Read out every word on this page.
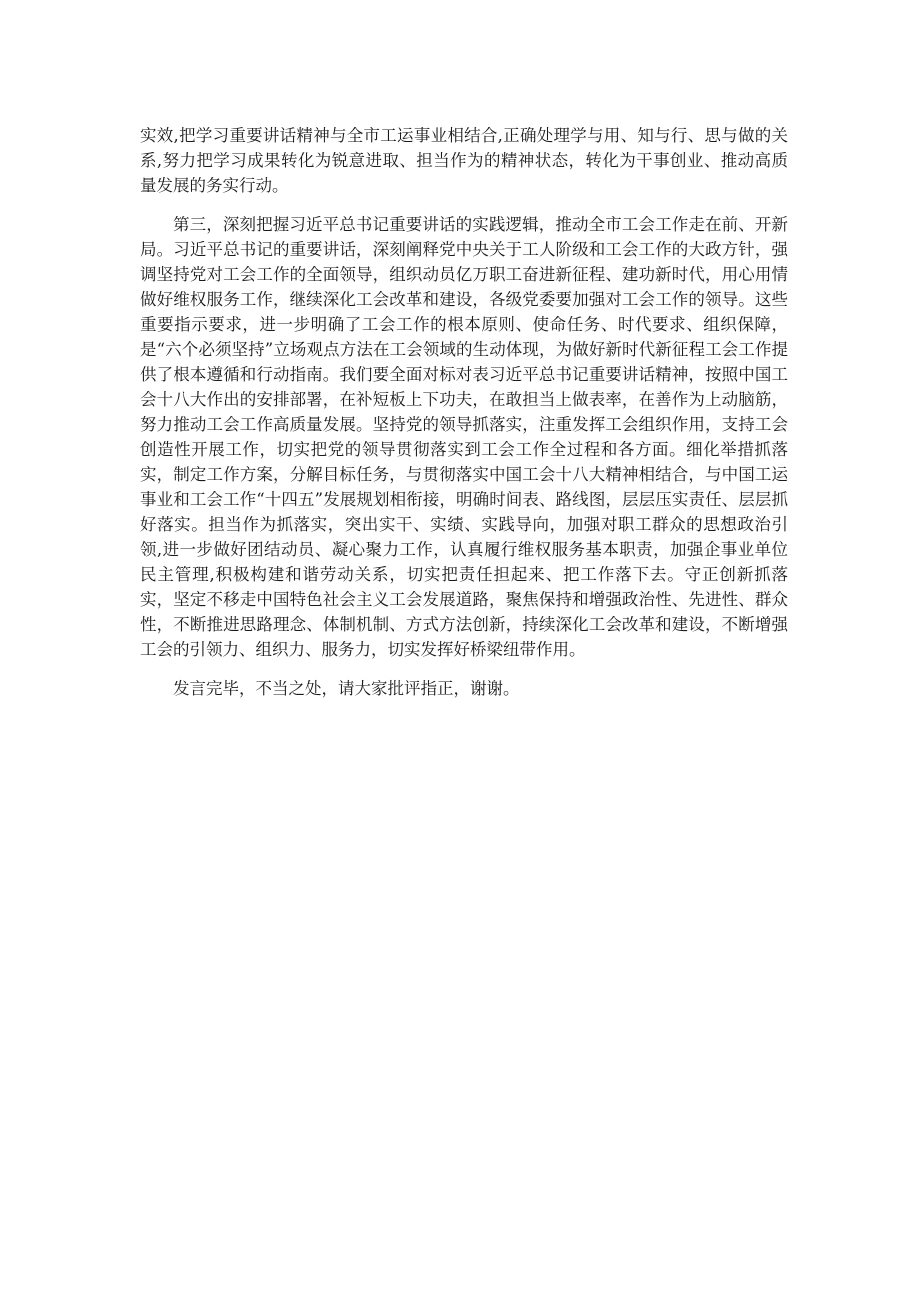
实效,把学习重要讲话精神与全市工运事业相结合,正确处理学与用、知与行、思与做的关系,努力把学习成果转化为锐意进取、担当作为的精神状态，转化为干事创业、推动高质量发展的务实行动。

第三，深刻把握习近平总书记重要讲话的实践逻辑，推动全市工会工作走在前、开新局。习近平总书记的重要讲话，深刻阐释党中央关于工人阶级和工会工作的大政方针，强调坚持党对工会工作的全面领导，组织动员亿万职工奋进新征程、建功新时代，用心用情做好维权服务工作，继续深化工会改革和建设，各级党委要加强对工会工作的领导。这些重要指示要求，进一步明确了工会工作的根本原则、使命任务、时代要求、组织保障，是“六个必须坚持”立场观点方法在工会领域的生动体现，为做好新时代新征程工会工作提供了根本遵循和行动指南。我们要全面对标对表习近平总书记重要讲话精神，按照中国工会十八大作出的安排部署，在补短板上下功夫，在敢担当上做表率，在善作为上动脑筋，努力推动工会工作高质量发展。坚持党的领导抓落实，注重发挥工会组织作用，支持工会创造性开展工作，切实把党的领导贯彻落实到工会工作全过程和各方面。细化举措抓落实，制定工作方案，分解目标任务，与贯彻落实中国工会十八大精神相结合，与中国工运事业和工会工作“十四五”发展规划相衔接，明确时间表、路线图，层层压实责任、层层抓好落实。担当作为抓落实，突出实干、实绩、实践导向，加强对职工群众的思想政治引领,进一步做好团结动员、凝心聚力工作，认真履行维权服务基本职责，加强企事业单位民主管理,积极构建和谐劳动关系，切实把责任担起来、把工作落下去。守正创新抓落实，坚定不移走中国特色社会主义工会发展道路，聚焦保持和增强政治性、先进性、群众性，不断推进思路理念、体制机制、方式方法创新，持续深化工会改革和建设，不断增强工会的引领力、组织力、服务力，切实发挥好桥梁纽带作用。

发言完毕，不当之处，请大家批评指正，谢谢。
